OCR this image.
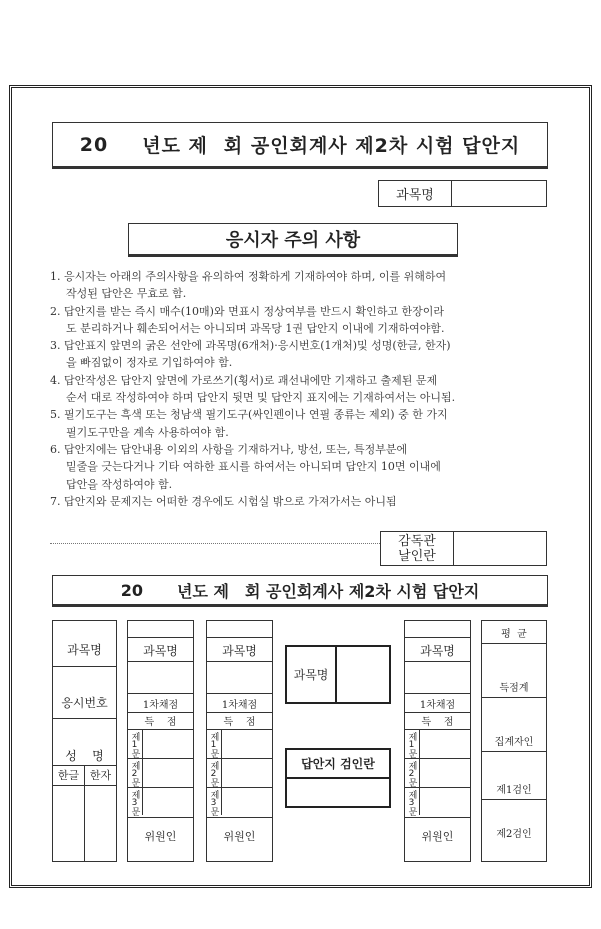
20 년도 제 회 공인회계사 제2차 시험 답안지
과목명
응시자 주의 사항

1. 응시자는 아래의 주의사항을 유의하여 정확하게 기재하여야 하며, 이를 위해하여

작성된 답안은 무효로 함.

2. 답안지를 받는 즉시 매수(10매)와 면표시 정상여부를 반드시 확인하고 한장이라

도 분리하거나 훼손되어서는 아니되며 과목당 1권 답안지 이내에 기재하여야함.

3. 답안표지 앞면의 굵은 선안에 과목명(6개처)·응시번호(1개처)및 성명(한글, 한자)

을 빠짐없이 정자로 기입하여야 함.

4. 답안작성은 답안지 앞면에 가로쓰기(횡서)로 괘선내에만 기재하고 출제된 문제

순서 대로 작성하여야 하며 답안지 뒷면 및 답안지 표지에는 기재하여서는 아니됨.

5. 필기도구는 흑색 또는 청남색 필기도구(싸인펜이나 연필 종류는 제외) 중 한 가지

필기도구만을 계속 사용하여야 함.

6. 답안지에는 답안내용 이외의 사항을 기재하거나, 방선, 또는, 특정부분에

밑줄을 긋는다거나 기타 여하한 표시를 하여서는 아니되며 답안지 10면 이내에

답안을 작성하여야 함.

7. 답안지와 문제지는 어떠한 경우에도 시험실 밖으로 가져가서는 아니됨

감독관
날인란
20 년도 제 회 공인회계사 제2차 시험 답안지
과목명
응시번호
성    명
한글 한자
과목명
1차채점
득    점
제1문
제2문
제3문
위원인
과목명
1차채점
득    점
제1문
제2문
제3문
위원인
과목명
답안지 검인란
과목명
1차채점
득    점
제1문
제2문
제3문
위원인
평  균
득점계
집계자인
제1검인
제2검인
